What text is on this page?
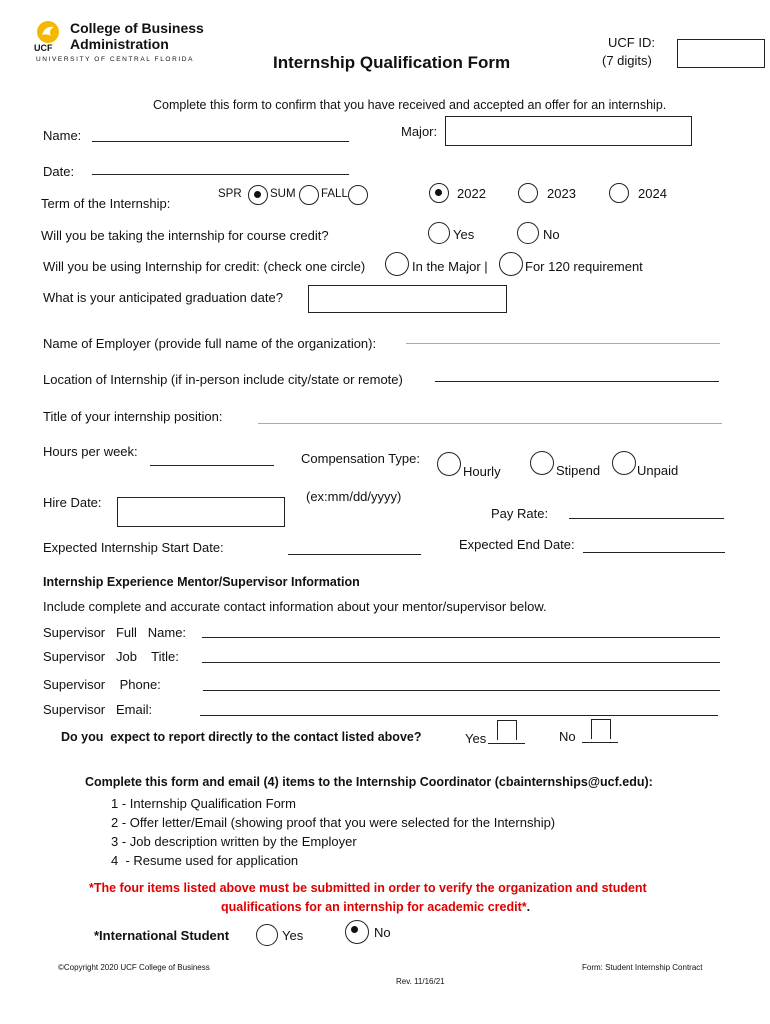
UCF
College of Business
Administration
UNIVERSITY OF CENTRAL FLORIDA	Internship Qualification Form
UCF ID:
(7 digits)
Complete this form to confirm that you have received and accepted an offer for an internship.
Name:	Major:
Date:
Term of the Internship:
SPR SUM FALL	2022	2023	2024
Will you be taking the internship for course credit?	Yes	No
Will you be using Internship for credit: (check one circle)	In the Major |	For 120 requirement
What is your anticipated graduation date?
Name of Employer (provide full name of the organization):
Location of Internship (if in-person include city/state or remote)
Title of your internship position:
Hours per week:	Compensation Type:
Hourly	Stipend	Unpaid
(ex:mm/dd/yyyy)
Hire Date:
Pay Rate:
Expected Internship Start Date:	Expected End Date:
Internship Experience Mentor/Supervisor Information
Include complete and accurate contact information about your mentor/supervisor below.
Supervisor   Full   Name:
Supervisor   Job    Title:
Supervisor    Phone:
Supervisor   Email:
Do you  expect to report directly to the contact listed above?	Yes	No
Complete this form and email (4) items to the Internship Coordinator (cbainternships@ucf.edu):
1 - Internship Qualification Form
2 - Offer letter/Email (showing proof that you were selected for the Internship)
3 - Job description written by the Employer
4  - Resume used for application
*The four items listed above must be submitted in order to verify the organization and student
qualifications for an internship for academic credit*.
*International Student	Yes	No
©Copyright 2020 UCF College of Business	Form: Student Internship Contract
Rev. 11/16/21
